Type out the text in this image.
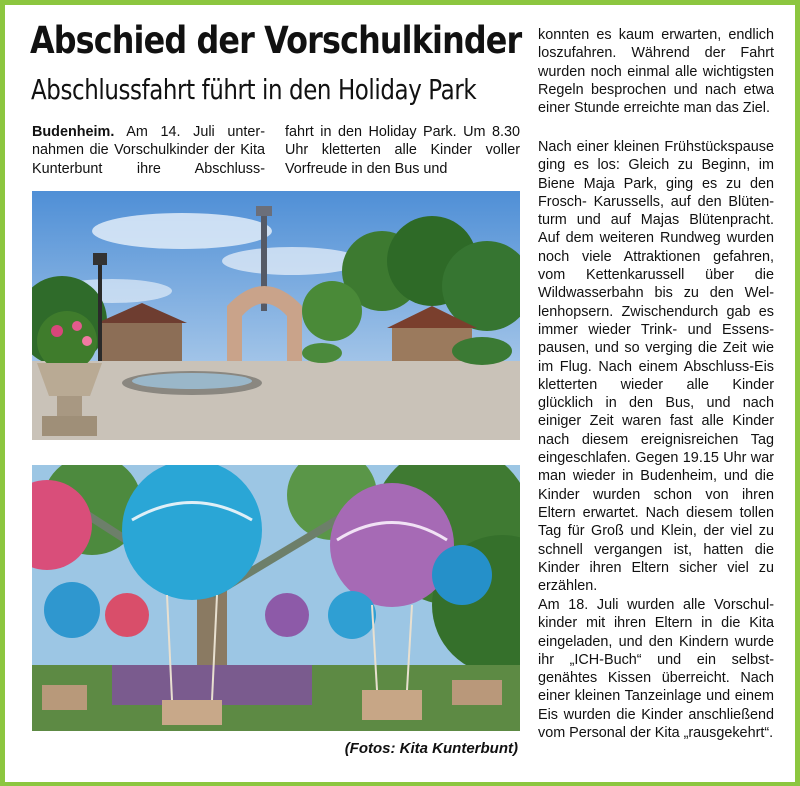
Abschied der Vorschulkinder
Abschlussfahrt führt in den Holiday Park

Budenheim. Am 14. Juli unternahmen die Vorschulkinder der Kita Kunterbunt ihre Abschluss-

fahrt in den Holiday Park. Um 8.30 Uhr kletterten alle Kinder voller Vorfreude in den Bus und

konnten es kaum erwarten, endlich loszufahren. Während der Fahrt wurden noch einmal alle wichtigsten Regeln besprochen und nach etwa einer Stunde erreichte man das Ziel.

Nach einer kleinen Frühstückspause ging es los: Gleich zu Beginn, im Biene Maja Park, ging es zu den Frosch- Karussells, auf den Blütenturm und auf Majas Blütenpracht. Auf dem weiteren Rundweg wurden noch viele Attraktionen gefahren, vom Kettenkarussell über die Wildwasserbahn bis zu den Wellenhopsern. Zwischendurch gab es immer wieder Trink- und Essenspausen, und so verging die Zeit wie im Flug. Nach einem Abschluss-Eis kletterten wieder alle Kinder glücklich in den Bus, und nach einiger Zeit waren fast alle Kinder nach diesem ereignisreichen Tag eingeschlafen. Gegen 19.15 Uhr war man wieder in Budenheim, und die Kinder wurden schon von ihren Eltern erwartet. Nach diesem tollen Tag für Groß und Klein, der viel zu schnell vergangen ist, hatten die Kinder ihren Eltern sicher viel zu erzählen.

Am 18. Juli wurden alle Vorschulkinder mit ihren Eltern in die Kita eingeladen, und den Kindern wurde ihr „ICH-Buch“ und ein selbstgenähtes Kissen überreicht. Nach einer kleinen Tanzeinlage und einem Eis wurden die Kinder anschließend vom Personal der Kita „rausgekehrt“.

(Fotos: Kita Kunterbunt)
